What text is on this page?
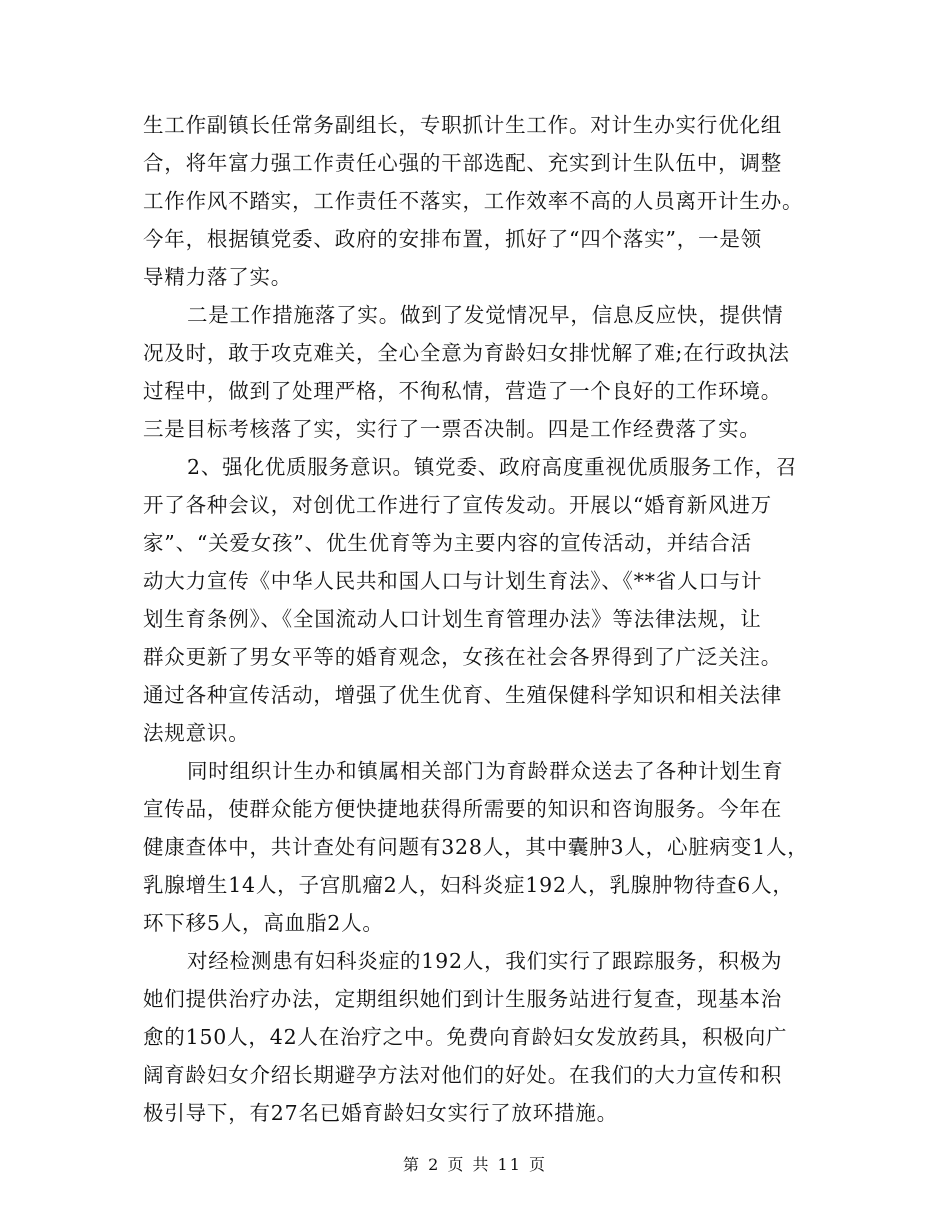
生工作副镇长任常务副组长，专职抓计生工作。对计生办实行优化组
合，将年富力强工作责任心强的干部选配、充实到计生队伍中，调整
工作作风不踏实，工作责任不落实，工作效率不高的人员离开计生办。
今年，根据镇党委、政府的安排布置，抓好了“四个落实”，一是领
导精力落了实。
二是工作措施落了实。做到了发觉情况早，信息反应快，提供情
况及时，敢于攻克难关，全心全意为育龄妇女排忧解了难;在行政执法
过程中，做到了处理严格，不徇私情，营造了一个良好的工作环境。
三是目标考核落了实，实行了一票否决制。四是工作经费落了实。
2、强化优质服务意识。镇党委、政府高度重视优质服务工作，召
开了各种会议，对创优工作进行了宣传发动。开展以“婚育新风进万
家”、“关爱女孩”、优生优育等为主要内容的宣传活动，并结合活
动大力宣传《中华人民共和国人口与计划生育法》、《**省人口与计
划生育条例》、《全国流动人口计划生育管理办法》等法律法规，让
群众更新了男女平等的婚育观念，女孩在社会各界得到了广泛关注。
通过各种宣传活动，增强了优生优育、生殖保健科学知识和相关法律
法规意识。
同时组织计生办和镇属相关部门为育龄群众送去了各种计划生育
宣传品，使群众能方便快捷地获得所需要的知识和咨询服务。今年在
健康查体中，共计查处有问题有328人，其中囊肿3人，心脏病变1人，
乳腺增生14人，子宫肌瘤2人，妇科炎症192人，乳腺肿物待查6人，
环下移5人，高血脂2人。
对经检测患有妇科炎症的192人，我们实行了跟踪服务，积极为
她们提供治疗办法，定期组织她们到计生服务站进行复查，现基本治
愈的150人，42人在治疗之中。免费向育龄妇女发放药具，积极向广
阔育龄妇女介绍长期避孕方法对他们的好处。在我们的大力宣传和积
极引导下，有27名已婚育龄妇女实行了放环措施。
第 2 页 共 11 页
